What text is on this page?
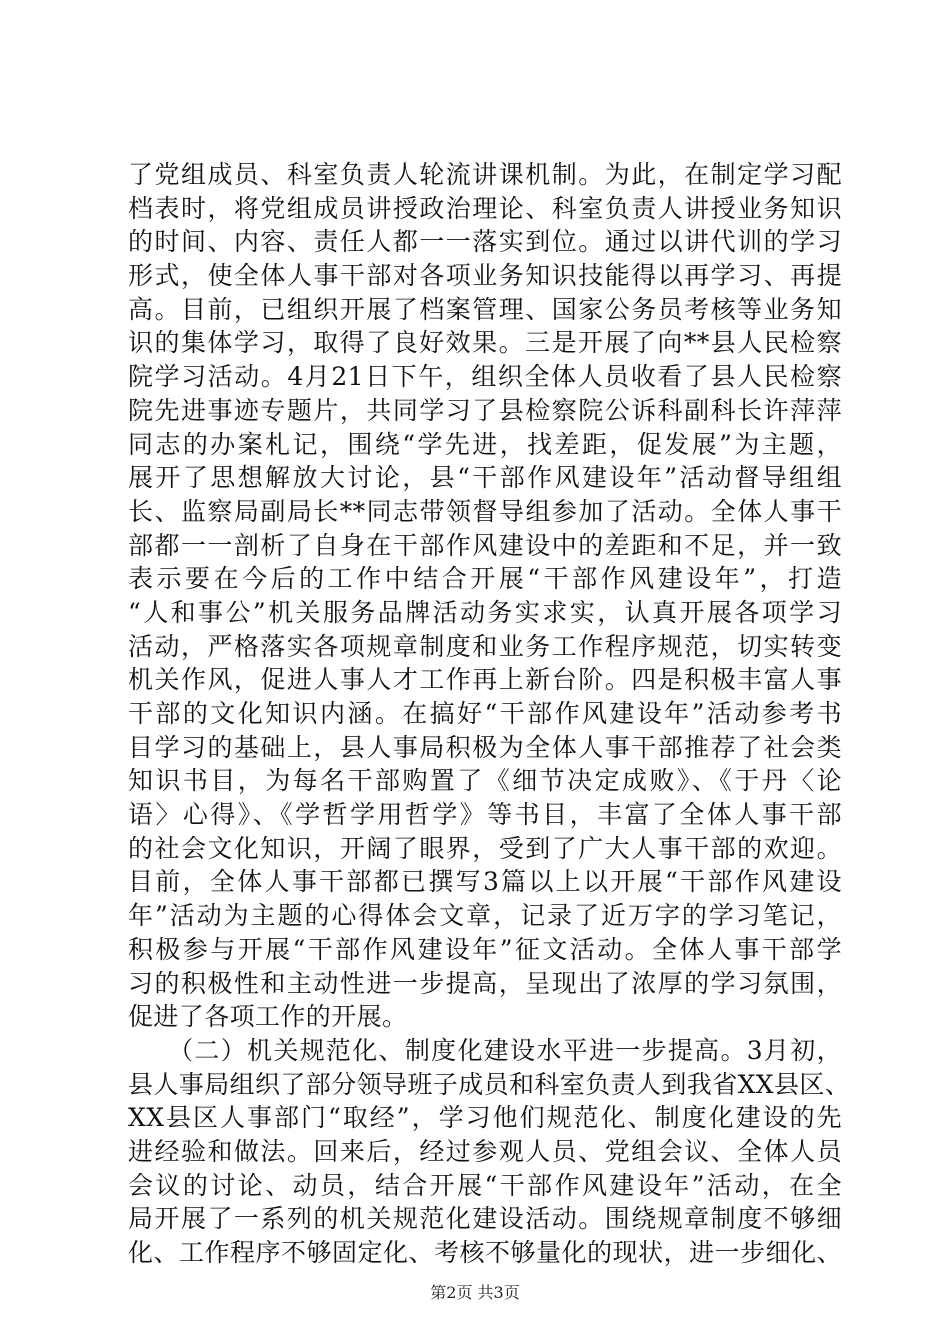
了党组成员、科室负责人轮流讲课机制。为此，在制定学习配
档表时，将党组成员讲授政治理论、科室负责人讲授业务知识
的时间、内容、责任人都一一落实到位。通过以讲代训的学习
形式，使全体人事干部对各项业务知识技能得以再学习、再提
高。目前，已组织开展了档案管理、国家公务员考核等业务知
识的集体学习，取得了良好效果。三是开展了向**县人民检察
院学习活动。4月21日下午，组织全体人员收看了县人民检察
院先进事迹专题片，共同学习了县检察院公诉科副科长许萍萍
同志的办案札记，围绕“学先进，找差距，促发展”为主题，
展开了思想解放大讨论，县“干部作风建设年”活动督导组组
长、监察局副局长**同志带领督导组参加了活动。全体人事干
部都一一剖析了自身在干部作风建设中的差距和不足，并一致
表示要在今后的工作中结合开展“干部作风建设年”，打造
“人和事公”机关服务品牌活动务实求实，认真开展各项学习
活动，严格落实各项规章制度和业务工作程序规范，切实转变
机关作风，促进人事人才工作再上新台阶。四是积极丰富人事
干部的文化知识内涵。在搞好“干部作风建设年”活动参考书
目学习的基础上，县人事局积极为全体人事干部推荐了社会类
知识书目，为每名干部购置了《细节决定成败》、《于丹〈论
语〉心得》、《学哲学用哲学》等书目，丰富了全体人事干部
的社会文化知识，开阔了眼界，受到了广大人事干部的欢迎。
目前，全体人事干部都已撰写3篇以上以开展“干部作风建设
年”活动为主题的心得体会文章，记录了近万字的学习笔记，
积极参与开展“干部作风建设年”征文活动。全体人事干部学
习的积极性和主动性进一步提高，呈现出了浓厚的学习氛围，
促进了各项工作的开展。
　　（二）机关规范化、制度化建设水平进一步提高。3月初，
县人事局组织了部分领导班子成员和科室负责人到我省XX县区、
XX县区人事部门“取经”，学习他们规范化、制度化建设的先
进经验和做法。回来后，经过参观人员、党组会议、全体人员
会议的讨论、动员，结合开展“干部作风建设年”活动，在全
局开展了一系列的机关规范化建设活动。围绕规章制度不够细
化、工作程序不够固定化、考核不够量化的现状，进一步细化、
第2页 共3页
